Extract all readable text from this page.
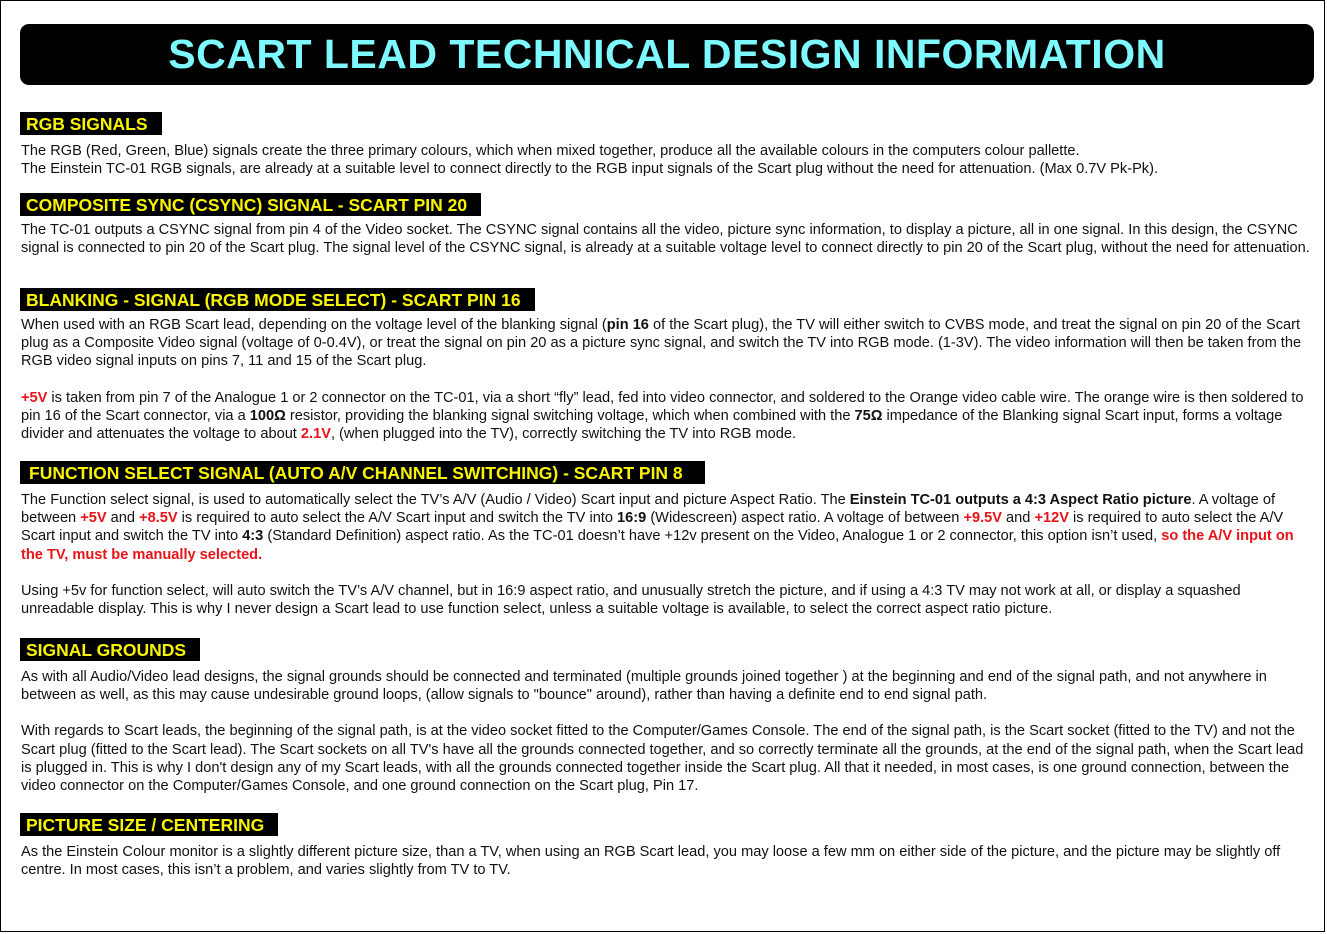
SCART LEAD TECHNICAL DESIGN INFORMATION
RGB SIGNALS

The RGB (Red, Green, Blue) signals create the three primary colours, which when mixed together, produce all the available colours in the computers colour pallette.

The Einstein TC-01 RGB signals, are already at a suitable level to connect directly to the RGB input signals of the Scart plug without the need for attenuation. (Max 0.7V Pk-Pk).

COMPOSITE SYNC (CSYNC) SIGNAL - SCART PIN 20

The TC-01 outputs a CSYNC signal from pin 4 of the Video socket. The CSYNC signal contains all the video, picture sync information, to display a picture, all in one signal. In this design, the CSYNC signal is connected to pin 20 of the Scart plug. The signal level of the CSYNC signal, is already at a suitable voltage level to connect directly to pin 20 of the Scart plug, without the need for attenuation.

BLANKING - SIGNAL (RGB MODE SELECT) - SCART PIN 16

When used with an RGB Scart lead, depending on the voltage level of the blanking signal (pin 16 of the Scart plug), the TV will either switch to CVBS mode, and treat the signal on pin 20 of the Scart plug as a Composite Video signal (voltage of 0-0.4V), or treat the signal on pin 20 as a picture sync signal, and switch the TV into RGB mode. (1-3V). The video information will then be taken from the RGB video signal inputs on pins 7, 11 and 15 of the Scart plug.

+5V is taken from pin 7 of the Analogue 1 or 2 connector on the TC-01, via a short “fly” lead, fed into video connector, and soldered to the Orange video cable wire. The orange wire is then soldered to pin 16 of the Scart connector, via a 100Ω resistor, providing the blanking signal switching voltage, which when combined with the 75Ω impedance of the Blanking signal Scart input, forms a voltage divider and attenuates the voltage to about 2.1V, (when plugged into the TV), correctly switching the TV into RGB mode.

FUNCTION SELECT SIGNAL (AUTO A/V CHANNEL SWITCHING) - SCART PIN 8

The Function select signal, is used to automatically select the TV’s A/V (Audio / Video) Scart input and picture Aspect Ratio. The Einstein TC-01 outputs a 4:3 Aspect Ratio picture. A voltage of between +5V and +8.5V is required to auto select the A/V Scart input and switch the TV into 16:9 (Widescreen) aspect ratio. A voltage of between +9.5V and +12V is required to auto select the A/V Scart input and switch the TV into 4:3 (Standard Definition) aspect ratio. As the TC-01 doesn’t have +12v present on the Video, Analogue 1 or 2 connector, this option isn’t used, so the A/V input on the TV, must be manually selected.

Using +5v for function select, will auto switch the TV’s A/V channel, but in 16:9 aspect ratio, and unusually stretch the picture, and if using a 4:3 TV may not work at all, or display a squashed unreadable display. This is why I never design a Scart lead to use function select, unless a suitable voltage is available, to select the correct aspect ratio picture.

SIGNAL GROUNDS

As with all Audio/Video lead designs, the signal grounds should be connected and terminated (multiple grounds joined together ) at the beginning and end of the signal path, and not anywhere in between as well, as this may cause undesirable ground loops, (allow signals to "bounce" around), rather than having a definite end to end signal path.

With regards to Scart leads, the beginning of the signal path, is at the video socket fitted to the Computer/Games Console. The end of the signal path, is the Scart socket (fitted to the TV) and not the Scart plug (fitted to the Scart lead). The Scart sockets on all TV's have all the grounds connected together, and so correctly terminate all the grounds, at the end of the signal path, when the Scart lead is plugged in. This is why I don't design any of my Scart leads, with all the grounds connected together inside the Scart plug. All that it needed, in most cases, is one ground connection, between the video connector on the Computer/Games Console, and one ground connection on the Scart plug, Pin 17.

PICTURE SIZE / CENTERING

As the Einstein Colour monitor is a slightly different picture size, than a TV, when using an RGB Scart lead, you may loose a few mm on either side of the picture, and the picture may be slightly off centre. In most cases, this isn’t a problem, and varies slightly from TV to TV.
